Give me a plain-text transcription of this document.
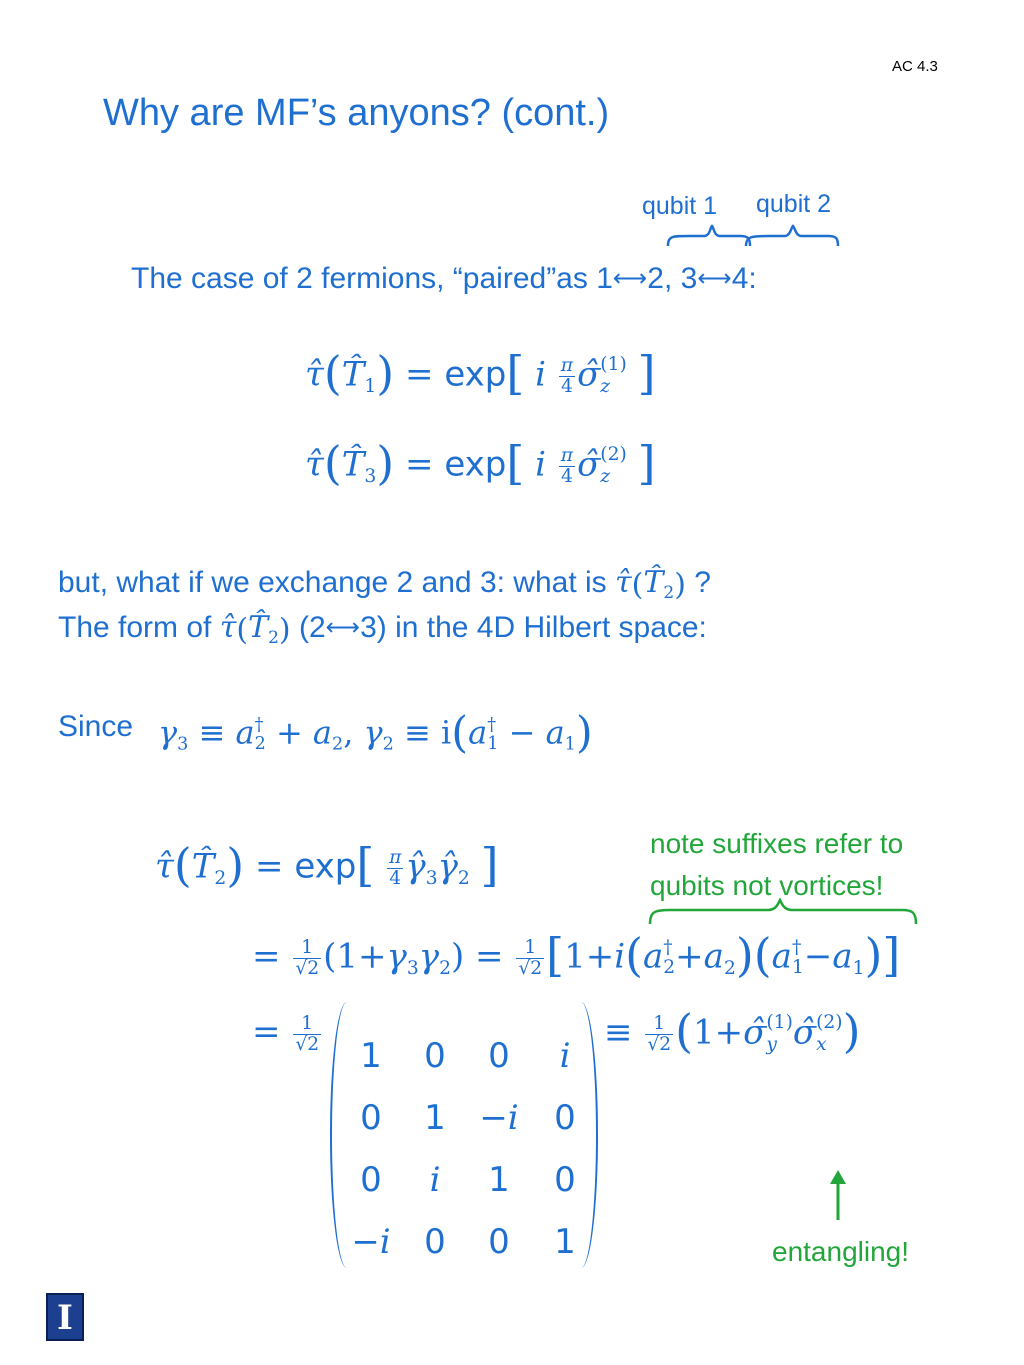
AC 4.3
Why are MF’s anyons? (cont.)
qubit 1 qubit 2
The case of 2 fermions, “paired”as 1⟷2, 3⟷4:
$\taû(T̂_1) = \exp$[ i $\frac{\pi}{4}$ σ̂ (1)
z ]
$\taû(T̂_3) = \exp$[ i $\frac{\pi}{4}$ σ̂ (2)
z ]
but, what if we exchange 2 and 3: what is $\taû(T̂_2)$ ?
The form of $\taû(T̂_2)$ (2⟷3) in the 4D Hilbert space:
Since $\gamma_3 \equiv a$ †
$2 + a_2$, $\gamma_2 \equiv i(a$ †
$1 - a_1$)
note suffixes refer to
qubits not vortices!
$\taû(T̂_2) = \exp[ \frac{\pi}{4}$ $\gammâ_3\gammâ_2$ ]
= $\frac{1}{√2} (1+\gamma_3\gamma_2) = \frac{1}{√2} [1+i(a$ †
$2 +a_2)(a$ †
$1 -a_1$)]
= $\frac{1}{√2}$
1	0	0	i
0	1 −i	0
0	i	1	0
−i 0	0	1
≡ $\frac{1}{√2}$ (1+σ̂ (1)
y σ̂ (2)
x )
entangling!
I
